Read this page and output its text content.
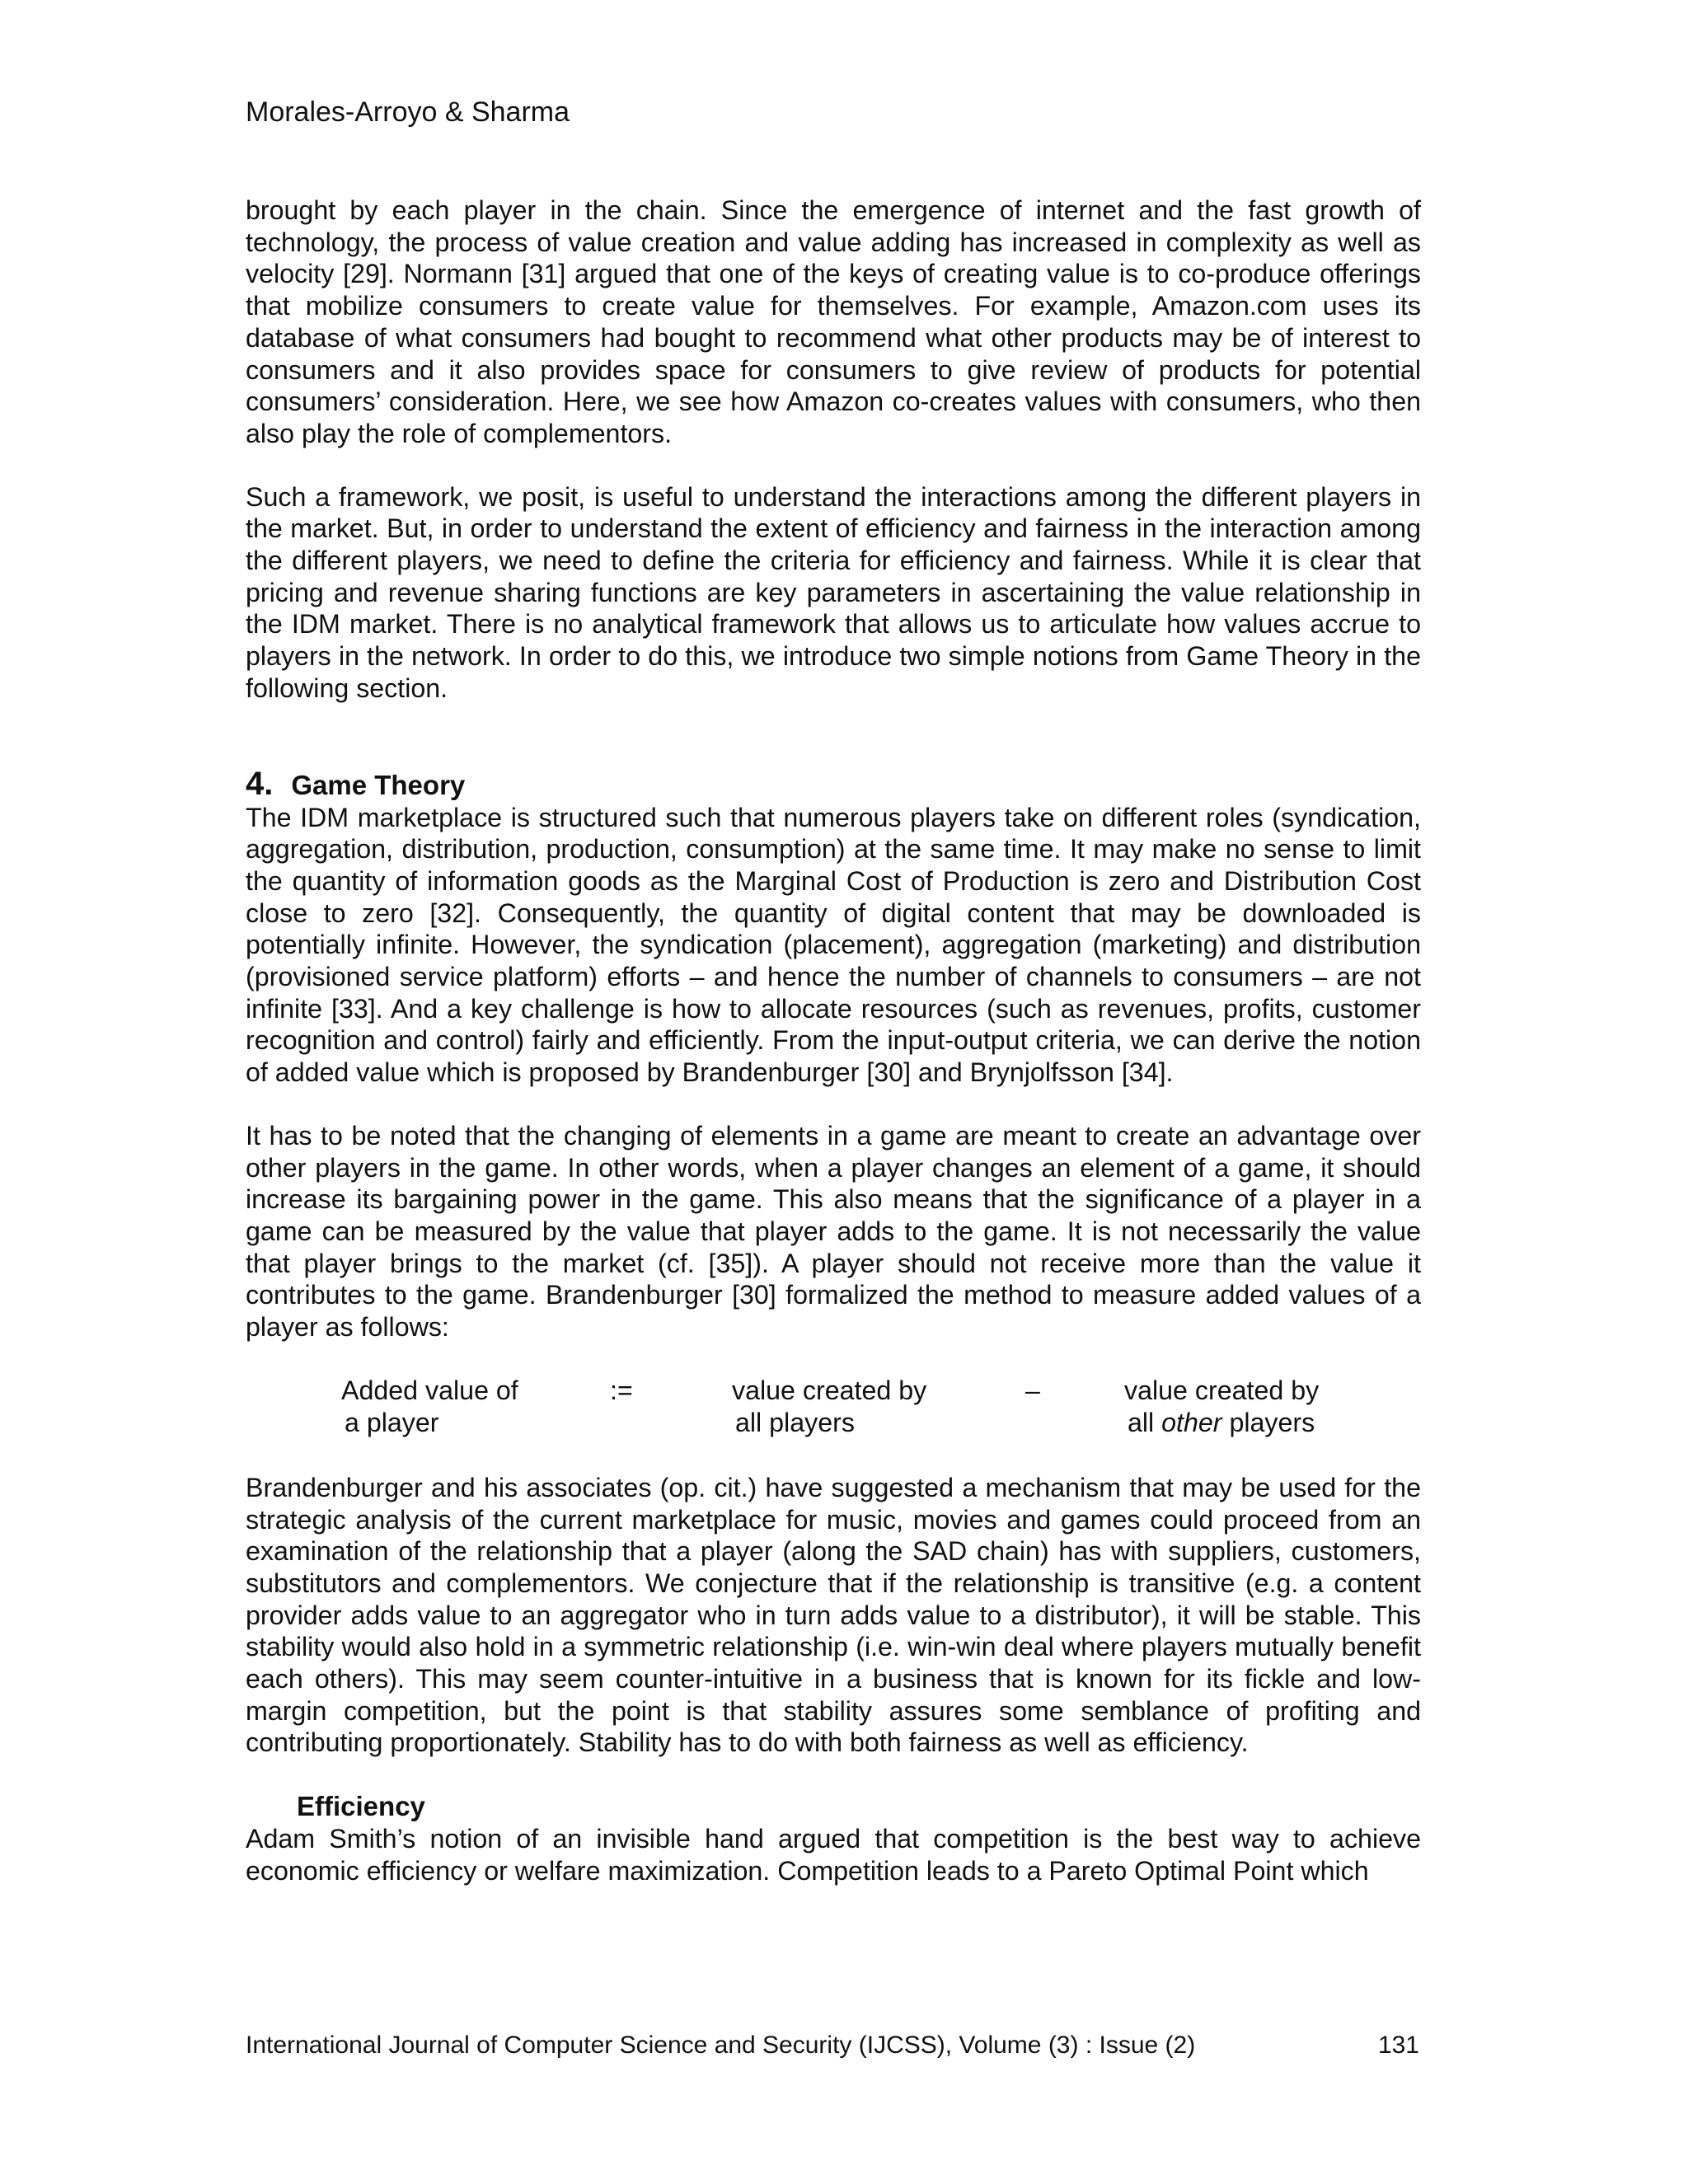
Morales-Arroyo & Sharma

brought by each player in the chain. Since the emergence of internet and the fast growth of technology, the process of value creation and value adding has increased in complexity as well as velocity [29]. Normann [31] argued that one of the keys of creating value is to co-produce offerings that mobilize consumers to create value for themselves. For example, Amazon.com uses its database of what consumers had bought to recommend what other products may be of interest to consumers and it also provides space for consumers to give review of products for potential consumers’ consideration. Here, we see how Amazon co-creates values with consumers, who then also play the role of complementors.

Such a framework, we posit, is useful to understand the interactions among the different players in the market. But, in order to understand the extent of efficiency and fairness in the interaction among the different players, we need to define the criteria for efficiency and fairness. While it is clear that pricing and revenue sharing functions are key parameters in ascertaining the value relationship in the IDM market. There is no analytical framework that allows us to articulate how values accrue to players in the network. In order to do this, we introduce two simple notions from Game Theory in the following section.

4. Game Theory

The IDM marketplace is structured such that numerous players take on different roles (syndication, aggregation, distribution, production, consumption) at the same time. It may make no sense to limit the quantity of information goods as the Marginal Cost of Production is zero and Distribution Cost close to zero [32]. Consequently, the quantity of digital content that may be downloaded is potentially infinite. However, the syndication (placement), aggregation (marketing) and distribution (provisioned service platform) efforts – and hence the number of channels to consumers – are not infinite [33]. And a key challenge is how to allocate resources (such as revenues, profits, customer recognition and control) fairly and efficiently. From the input-output criteria, we can derive the notion of added value which is proposed by Brandenburger [30] and Brynjolfsson [34].

It has to be noted that the changing of elements in a game are meant to create an advantage over other players in the game. In other words, when a player changes an element of a game, it should increase its bargaining power in the game. This also means that the significance of a player in a game can be measured by the value that player adds to the game. It is not necessarily the value that player brings to the market (cf. [35]). A player should not receive more than the value it contributes to the game. Brandenburger [30] formalized the method to measure added values of a player as follows:

Added value of
a player
:=	value created by
all players
–	value created by
all other players

Brandenburger and his associates (op. cit.) have suggested a mechanism that may be used for the strategic analysis of the current marketplace for music, movies and games could proceed from an examination of the relationship that a player (along the SAD chain) has with suppliers, customers, substitutors and complementors. We conjecture that if the relationship is transitive (e.g. a content provider adds value to an aggregator who in turn adds value to a distributor), it will be stable. This stability would also hold in a symmetric relationship (i.e. win-win deal where players mutually benefit each others). This may seem counter-intuitive in a business that is known for its fickle and low-margin competition, but the point is that stability assures some semblance of profiting and contributing proportionately. Stability has to do with both fairness as well as efficiency.

Efficiency

Adam Smith’s notion of an invisible hand argued that competition is the best way to achieve economic efficiency or welfare maximization. Competition leads to a Pareto Optimal Point which

International Journal of Computer Science and Security (IJCSS), Volume (3) : Issue (2)	131
